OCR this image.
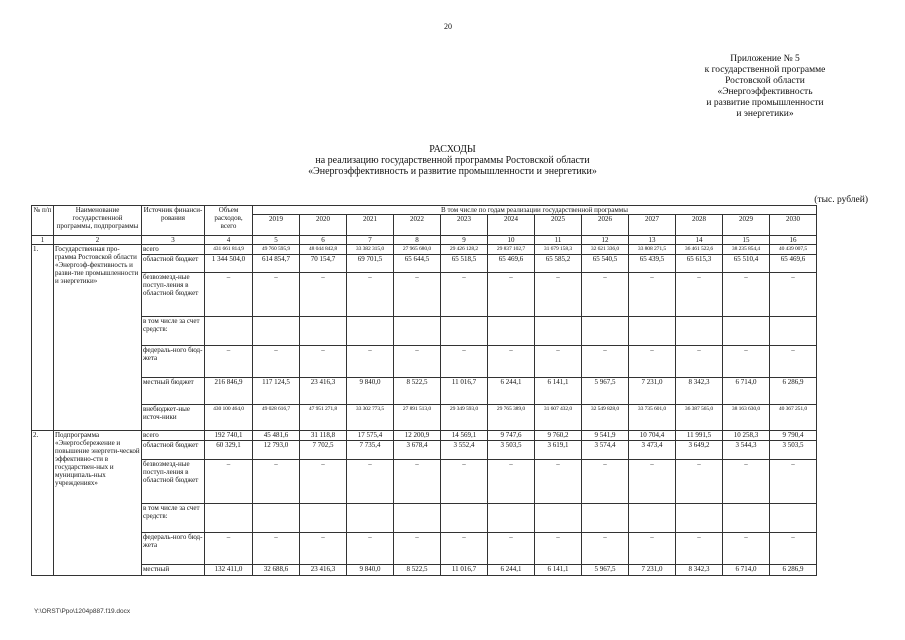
20
Приложение № 5
к государственной программе
Ростовской области
«Энергоэффективность
и развитие промышленности
и энергетики»
РАСХОДЫ
на реализацию государственной программы Ростовской области
«Энергоэффективность и развитие промышленности и энергетики»
(тыс. рублей)
№ п/п	Наименование государственной программы, подпрограммы	Источник финанси-рования	Объем расходов, всего	В том числе по годам реализации государственной программы											
				2019	2020	2021	2022	2023	2024	2025	2026	2027	2028	2029	2030
1	2	3	4	5	6	7	8	9	10	11	12	13	14	15	16
1.	Государственная про-грамма Ростовской области «Энергоэф-фективность и разви-тие промышленности и энергетики»	всего	431 661 814,9	49 760 595,9	48 044 842,8	33 382 315,0	27 965 680,0	29 426 128,2	29 837 102,7	31 679 158,3	32 621 336,0	33 808 271,5	36 461 522,6	38 235 854,4	40 439 007,5
		областной бюджет	1 344 504,0	614 854,7	70 154,7	69 701,5	65 644,5	65 518,5	65 469,6	65 585,2	65 540,5	65 439,5	65 615,3	65 510,4	65 469,6
		безвозмезд-ные поступ-ления в областной бюджет	–	–	–	–	–	–	–	–	–	–	–	–	–
		в том числе за счет средств:													
		федераль-ного бюд-жета	–	–	–	–	–	–	–	–	–	–	–	–	–
		местный бюджет	216 846,9	117 124,5	23 416,3	9 840,0	8 522,5	11 016,7	6 244,1	6 141,1	5 967,5	7 231,0	8 342,3	6 714,0	6 286,9
		внебюджет-ные источ-ники	430 100 464,0	49 028 616,7	47 951 271,8	33 302 773,5	27 891 513,0	29 349 593,0	29 765 389,0	31 607 432,0	32 549 828,0	33 735 601,0	36 387 565,0	38 163 630,0	40 367 251,0
2.	Подпрограмма «Энергосбережение и повышение энергети-ческой эффективно-сти в государствен-ных и муниципаль-ных учреждениях»	всего	192 740,1	45 481,6	31 118,8	17 575,4	12 200,9	14 569,1	9 747,6	9 760,2	9 541,9	10 704,4	11 991,5	10 258,3	9 790,4
		областной бюджет	60 329,1	12 793,0	7 702,5	7 735,4	3 678,4	3 552,4	3 503,5	3 619,1	3 574,4	3 473,4	3 649,2	3 544,3	3 503,5
		безвозмезд-ные поступ-ления в областной бюджет	–	–	–	–	–	–	–	–	–	–	–	–	–
		в том числе за счет средств:													
		федераль-ного бюд-жета	–	–	–	–	–	–	–	–	–	–	–	–	–
		местный	132 411,0	32 688,6	23 416,3	9 840,0	8 522,5	11 016,7	6 244,1	6 141,1	5 967,5	7 231,0	8 342,3	6 714,0	6 286,9
Y:\ORST\Ppo\1204p887.f19.docx
